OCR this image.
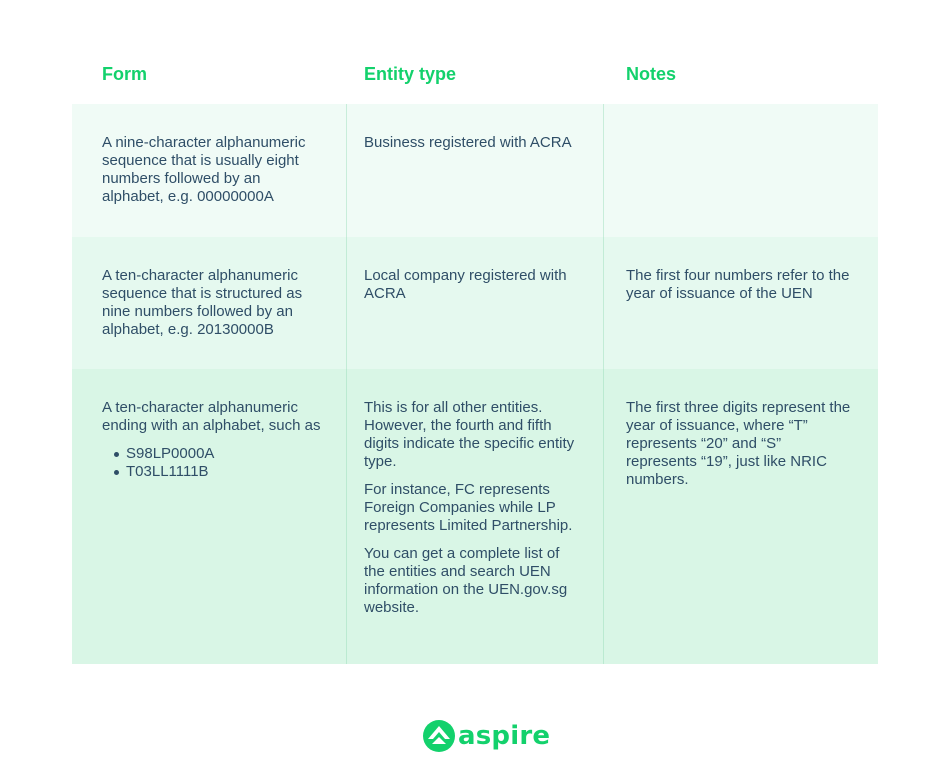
Form	Entity type	Notes

A nine-character alphanumeric sequence that is usually eight numbers followed by an alphabet, e.g. 00000000A

Business registered with ACRA

A ten-character alphanumeric sequence that is structured as nine numbers followed by an alphabet, e.g. 20130000B

Local company registered with ACRA

The first four numbers refer to the year of issuance of the UEN

A ten-character alphanumeric ending with an alphabet, such as

S98LP0000A
T03LL1111B

This is for all other entities. However, the fourth and fifth digits indicate the specific entity type.

For instance, FC represents Foreign Companies while LP represents Limited Partnership.

You can get a complete list of the entities and search UEN information on the UEN.gov.sg website.

The first three digits represent the year of issuance, where “T” represents “20” and “S” represents “19”, just like NRIC numbers.

aspire
